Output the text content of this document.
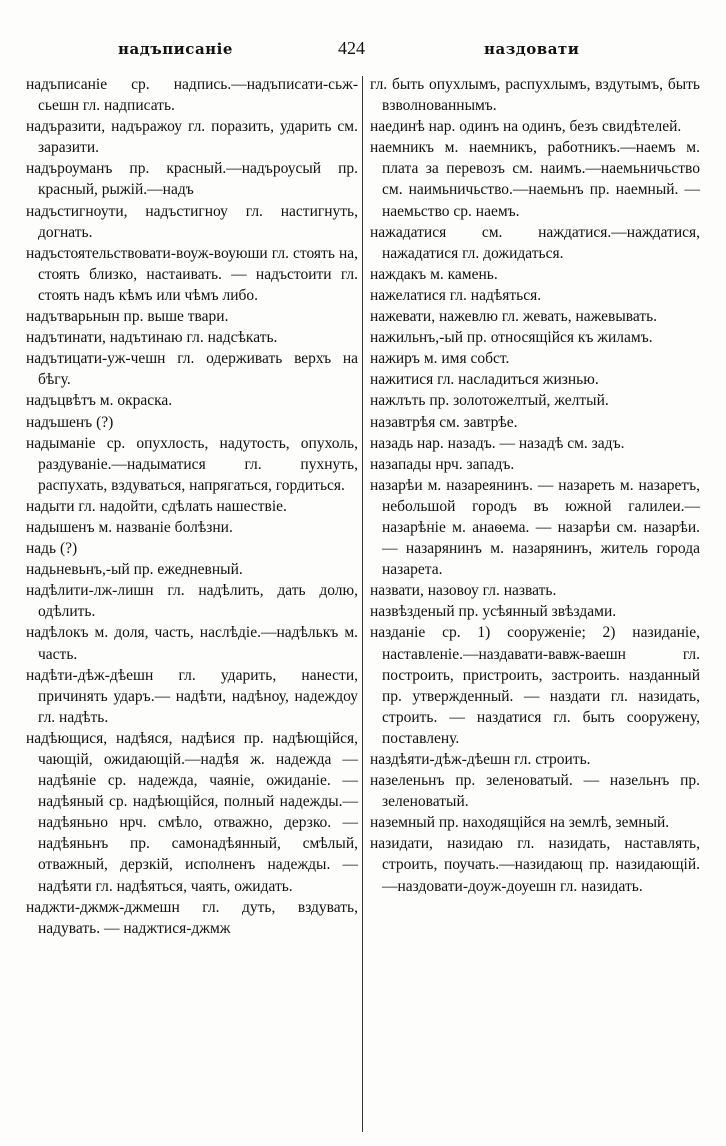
надъписаніе	424	наздовати
надъписаніе ср. надпись.—надъписати-сьж-сьешн гл. надписать.
надъразити, надъражоу гл. поразить, ударить см. заразити.
надъроуманъ пр. красный.—надъроусый пр. красный, рыжій.—надъ
надъстигноути, надъстигноу гл. настигнуть, догнать.
надъстоятельствовати-воуж-воуюши гл. стоять на, стоять близко, настаивать. — надъстоити гл. стоять надъ кѣмъ или чѣмъ либо.
надътварьнын пр. выше твари.
надътинати, надътинаю гл. надсѣкать.
надътицати-уж-чешн гл. одерживать верхъ на бѣгу.
надъцвѣтъ м. окраска.
надъшенъ (?)
надыманіе ср. опухлость, надутость, опухоль, раздуваніе.—надыматися гл. пухнуть, распухать, вздуваться, напрягаться, гордиться.
надыти гл. надойти, сдѣлать нашествіе.
надышенъ м. названіе болѣзни.
надь (?)
надьневьнъ,-ый пр. ежедневный.
надѣлити-лж-лишн гл. надѣлить, дать долю, одѣлить.
надѣлокъ м. доля, часть, наслѣдіе.—надѣлькъ м. часть.
надѣти-дѣж-дѣешн гл. ударить, нанести, причинять ударъ.— надѣти, надѣноу, надеждоу гл. надѣть.
надѣющися, надѣяся, надѣися пр. надѣющійся, чающій, ожидающій.—надѣя ж. надежда —надѣяніе ср. надежда, чаяніе, ожиданіе. —надѣяный ср. надѣющійся, полный надежды.—надѣяньно нрч. смѣло, отважно, дерзко. — надѣяньнъ пр. самонадѣянный, смѣлый, отважный, дерзкій, исполненъ надежды. — надѣяти гл. надѣяться, чаять, ожидать.
наджти-джмж-джмешн гл. дуть, вздувать, надувать. — наджтися-джмж
гл. быть опухлымъ, распухлымъ, вздутымъ, быть взволнованнымъ.
наединѣ нар. одинъ на одинъ, безъ свидѣтелей.
наемникъ м. наемникъ, работникъ.—наемъ м. плата за перевозъ см. наимъ.—наемьничьство см. наимьничьство.—наемьнъ пр. наемный. —наемьство ср. наемъ.
нажадатися см. наждатися.—наждатися, нажадатися гл. дожидаться.
наждакъ м. камень.
нажелатися гл. надѣяться.
нажевати, нажевлю гл. жевать, нажевывать.
нажильнъ,-ый пр. относящійся къ жиламъ.
нажиръ м. имя собст.
нажитися гл. насладиться жизнью.
нажлъть пр. золотожелтый, желтый.
назавтрѣя см. завтрѣе.
назадь нар. назадъ. — назадѣ см. задъ.
назапады нрч. западъ.
назарѣи м. назареянинъ. — назареть м. назаретъ, небольшой городъ въ южной галилеи.—назарѣніе м. анаѳема. — назарѣи см. назарѣи. — назарянинъ м. назарянинъ, житель города назарета.
назвати, назовоу гл. назвать.
назвѣзденый пр. усѣянный звѣздами.
назданіе ср. 1) сооруженіе; 2) назиданіе, наставленіе.—наздавати-вавж-ваешн гл. построить, пристроить, застроить. назданный пр. утвержденный. — наздати гл. назидать, строить. — наздатися гл. быть сооружену, поставлену.
наздѣяти-дѣж-дѣешн гл. строить.
назеленьнъ пр. зеленоватый. — назельнъ пр. зеленоватый.
наземный пр. находящійся на землѣ, земный.
назидати, назидаю гл. назидать, наставлять, строить, поучать.—назидающ пр. назидающій.—наздовати-доуж-доуешн гл. назидать.
